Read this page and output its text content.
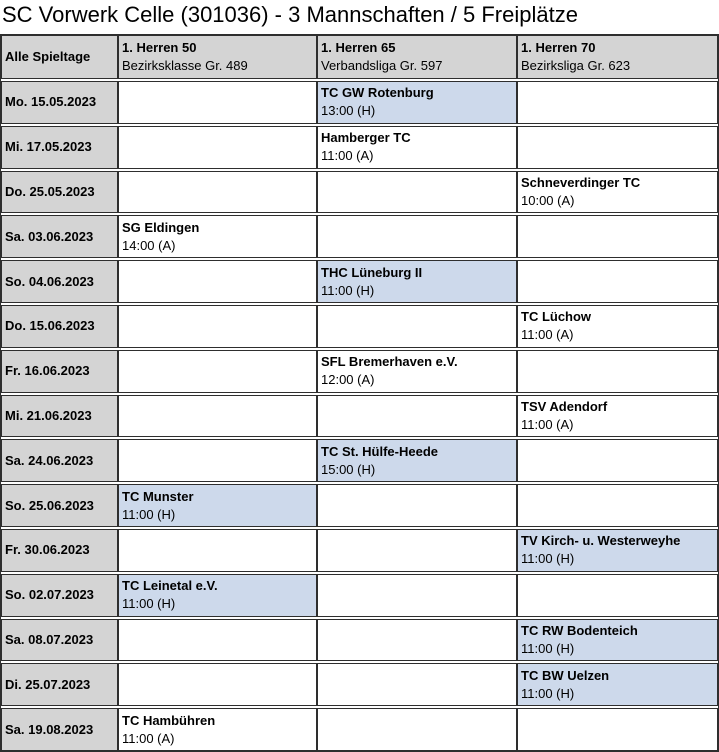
SC Vorwerk Celle (301036) - 3 Mannschaften / 5 Freiplätze
Alle Spieltage
1. Herren 50
Bezirksklasse Gr. 489
1. Herren 65
Verbandsliga Gr. 597
1. Herren 70
Bezirksliga Gr. 623
Mo. 15.05.2023
TC GW Rotenburg
13:00 (H)
Mi. 17.05.2023
Hamberger TC
11:00 (A)
Do. 25.05.2023
Schneverdinger TC
10:00 (A)
Sa. 03.06.2023
SG Eldingen
14:00 (A)
So. 04.06.2023
THC Lüneburg II
11:00 (H)
Do. 15.06.2023
TC Lüchow
11:00 (A)
Fr. 16.06.2023
SFL Bremerhaven e.V.
12:00 (A)
Mi. 21.06.2023
TSV Adendorf
11:00 (A)
Sa. 24.06.2023
TC St. Hülfe-Heede
15:00 (H)
So. 25.06.2023
TC Munster
11:00 (H)
Fr. 30.06.2023
TV Kirch- u. Westerweyhe
11:00 (H)
So. 02.07.2023
TC Leinetal e.V.
11:00 (H)
Sa. 08.07.2023
TC RW Bodenteich
11:00 (H)
Di. 25.07.2023
TC BW Uelzen
11:00 (H)
Sa. 19.08.2023
TC Hambühren
11:00 (A)
